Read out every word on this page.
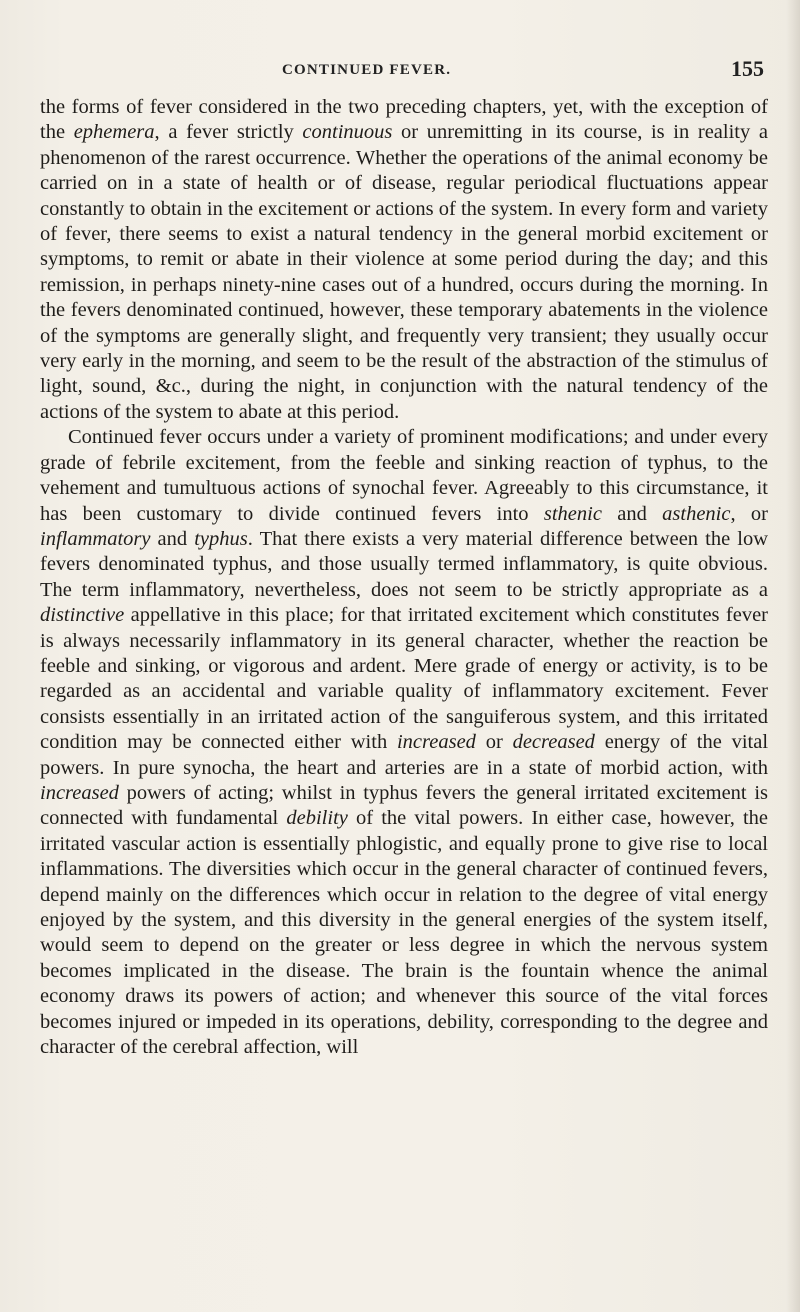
CONTINUED FEVER.	155

the forms of fever considered in the two preceding chapters, yet, with the exception of the ephemera, a fever strictly continuous or unremitting in its course, is in reality a phenomenon of the rarest occurrence. Whether the operations of the animal economy be carried on in a state of health or of disease, regular periodical fluctuations appear constantly to obtain in the excitement or actions of the system. In every form and variety of fever, there seems to exist a natural tendency in the general morbid excitement or symptoms, to remit or abate in their violence at some period during the day; and this remission, in perhaps ninety-nine cases out of a hundred, occurs during the morning. In the fevers denominated continued, however, these temporary abatements in the violence of the symptoms are generally slight, and frequently very transient; they usually occur very early in the morning, and seem to be the result of the abstraction of the stimulus of light, sound, &c., during the night, in conjunction with the natural tendency of the actions of the system to abate at this period.

Continued fever occurs under a variety of prominent modifications; and under every grade of febrile excitement, from the feeble and sinking reaction of typhus, to the vehement and tumultuous actions of synochal fever. Agreeably to this circumstance, it has been customary to divide continued fevers into sthenic and asthenic, or inflammatory and typhus. That there exists a very material difference between the low fevers denominated typhus, and those usually termed inflammatory, is quite obvious. The term inflammatory, nevertheless, does not seem to be strictly appropriate as a distinctive appellative in this place; for that irritated excitement which constitutes fever is always necessarily inflammatory in its general character, whether the reaction be feeble and sinking, or vigorous and ardent. Mere grade of energy or activity, is to be regarded as an accidental and variable quality of inflammatory excitement. Fever consists essentially in an irritated action of the sanguiferous system, and this irritated condition may be connected either with increased or decreased energy of the vital powers. In pure synocha, the heart and arteries are in a state of morbid action, with increased powers of acting; whilst in typhus fevers the general irritated excitement is connected with fundamental debility of the vital powers. In either case, however, the irritated vascular action is essentially phlogistic, and equally prone to give rise to local inflammations. The diversities which occur in the general character of continued fevers, depend mainly on the differences which occur in relation to the degree of vital energy enjoyed by the system, and this diversity in the general energies of the system itself, would seem to depend on the greater or less degree in which the nervous system becomes implicated in the disease. The brain is the fountain whence the animal economy draws its powers of action; and whenever this source of the vital forces becomes injured or impeded in its operations, debility, corresponding to the degree and character of the cerebral affection, will
